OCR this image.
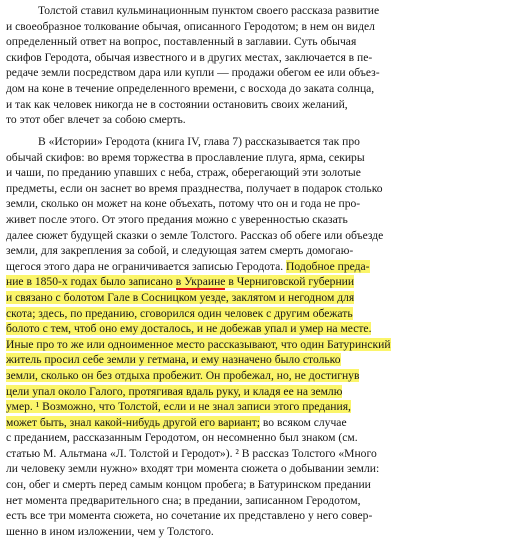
Толстой ставил кульминационным пунктом своего рассказа развитие
и своеобразное толкование обычая, описанного Геродотом; в нем он видел
определенный ответ на вопрос, поставленный в заглавии. Суть обычая
скифов Геродота, обычая известного и в других местах, заключается в пе-
редаче земли посредством дара или купли — продажи обегом ее или объез-
дом на коне в течение определенного времени, с восхода до заката солнца,
и так как человек никогда не в состоянии остановить своих желаний,
то этот обег влечет за собою смерть.
В «Истории» Геродота (книга IV, глава 7) рассказывается так про
обычай скифов: во время торжества в прославление плуга, ярма, секиры
и чаши, по преданию упавших с неба, страж, оберегающий эти золотые
предметы, если он заснет во время празднества, получает в подарок столько
земли, сколько он может на коне объехать, потому что он и года не про-
живет после этого. От этого предания можно с уверенностью сказать
далее сюжет будущей сказки о земле Толстого. Рассказ об обеге или объезде
земли, для закрепления за собой, и следующая затем смерть домогаю-
щегося этого дара не ограничивается записью Геродота. Подобное преда-
ние в 1850-х годах было записано в Украине в Черниговской губернии
и связано с болотом Гале в Сосницком уезде, заклятом и негодном для
скота; здесь, по преданию, сговорился один человек с другим обежать
болото с тем, чтоб оно ему досталось, и не добежав упал и умер на месте.
Иные про то же или одноименное место рассказывают, что один Батуринский
житель просил себе земли у гетмана, и ему назначено было столько
земли, сколько он без отдыха пробежит. Он пробежал, но, не достигнув
цели упал около Галого, протягивая вдаль руку, и кладя ее на землю
умер. ¹ Возможно, что Толстой, если и не знал записи этого предания,
может быть, знал какой-нибудь другой его вариант; во всяком случае
с преданием, рассказанным Геродотом, он несомненно был знаком (см.
статью М. Альтмана «Л. Толстой и Геродот»). ² В рассказ Толстого «Много
ли человеку земли нужно» входят три момента сюжета о добывании земли:
сон, обег и смерть перед самым концом пробега; в Батуринском предании
нет момента предварительного сна; в предании, записанном Геродотом,
есть все три момента сюжета, но сочетание их представлено у него совер-
шенно в ином изложении, чем у Толстого.
